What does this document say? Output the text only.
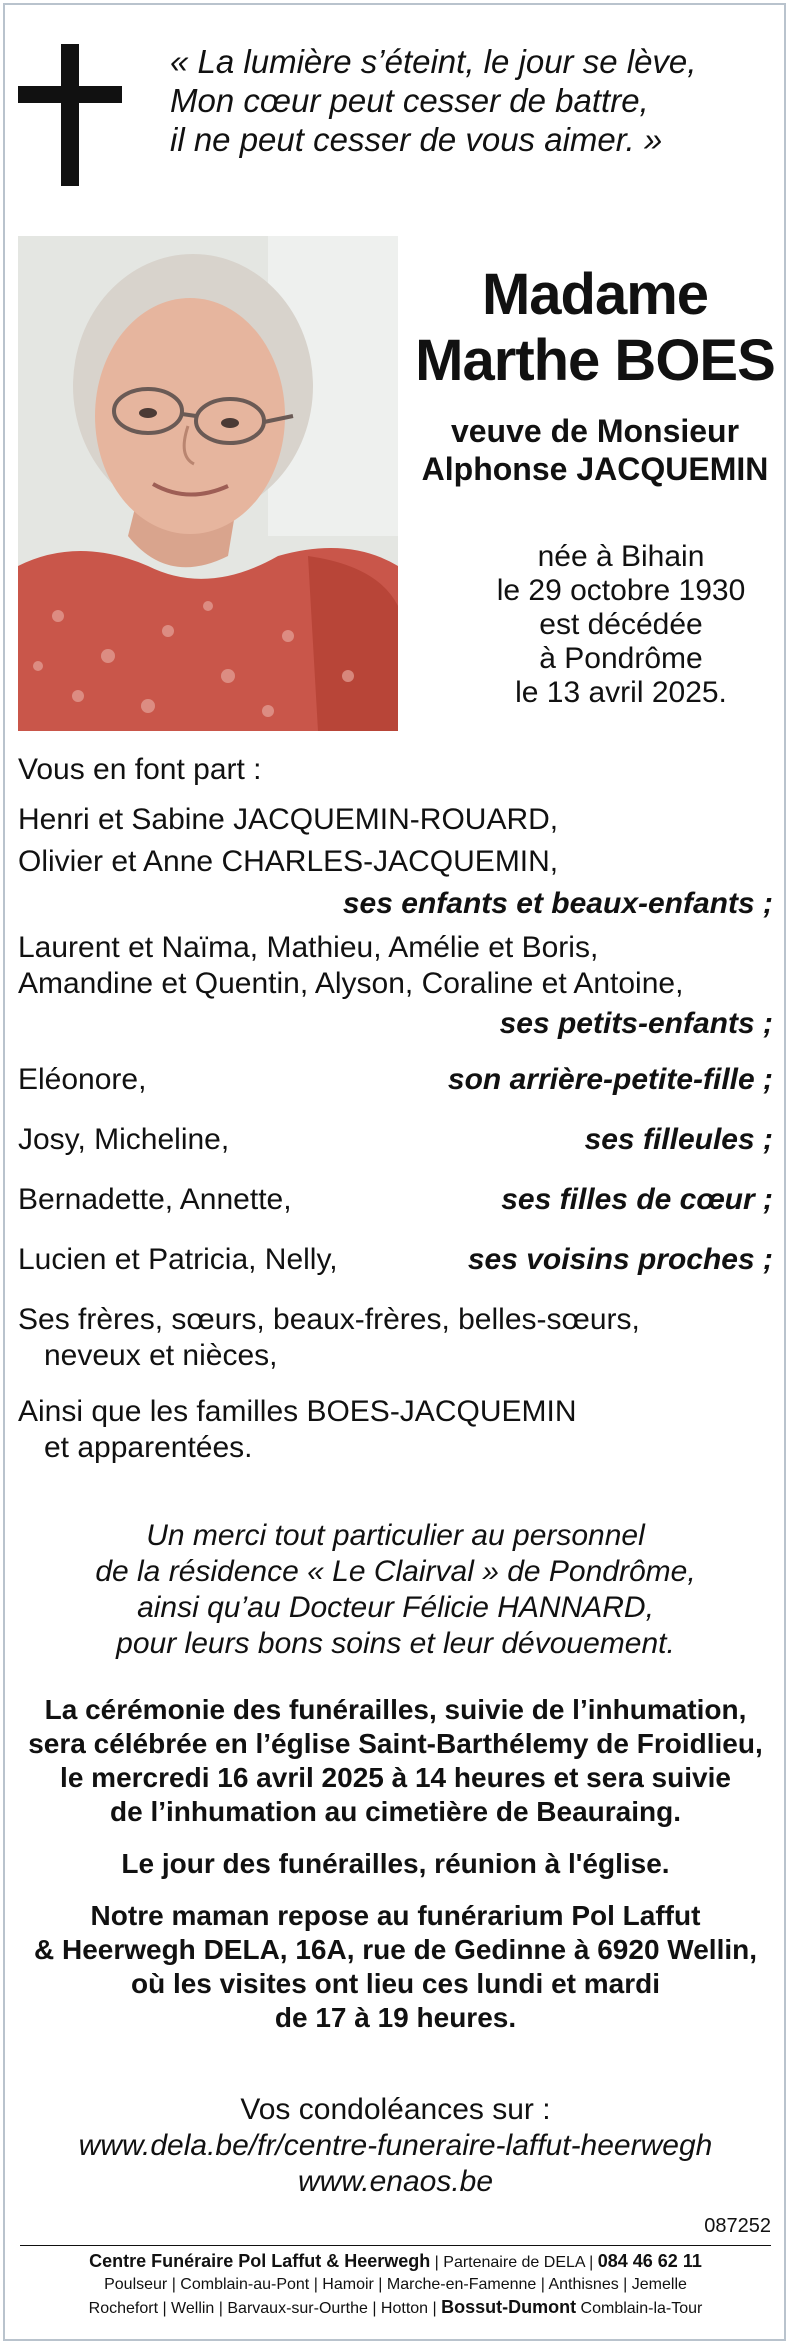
« La lumière s’éteint, le jour se lève,
Mon cœur peut cesser de battre,
il ne peut cesser de vous aimer. »
Madame
Marthe BOES
veuve de Monsieur
Alphonse JACQUEMIN
née à Bihain
le 29 octobre 1930
est décédée
à Pondrôme
le 13 avril 2025.
Vous en font part :
Henri et Sabine JACQUEMIN-ROUARD,
Olivier et Anne CHARLES-JACQUEMIN,
ses enfants et beaux-enfants ;
Laurent et Naïma, Mathieu, Amélie et Boris,
Amandine et Quentin, Alyson, Coraline et Antoine,
ses petits-enfants ;
Eléonore,	son arrière-petite-fille ;
Josy, Micheline,	ses filleules ;
Bernadette, Annette,	ses filles de cœur ;
Lucien et Patricia, Nelly,	ses voisins proches ;
Ses frères, sœurs, beaux-frères, belles-sœurs,
neveux et nièces,
Ainsi que les familles BOES-JACQUEMIN
et apparentées.
Un merci tout particulier au personnel
de la résidence « Le Clairval » de Pondrôme,
ainsi qu’au Docteur Félicie HANNARD,
pour leurs bons soins et leur dévouement.
La cérémonie des funérailles, suivie de l’inhumation,
sera célébrée en l’église Saint-Barthélemy de Froidlieu,
le mercredi 16 avril 2025 à 14 heures et sera suivie
de l’inhumation au cimetière de Beauraing.
Le jour des funérailles, réunion à l'église.
Notre maman repose au funérarium Pol Laffut
& Heerwegh DELA, 16A, rue de Gedinne à 6920 Wellin,
où les visites ont lieu ces lundi et mardi
de 17 à 19 heures.
Vos condoléances sur :
www.dela.be/fr/centre-funeraire-laffut-heerwegh
www.enaos.be
087252
Centre Funéraire Pol Laffut & Heerwegh | Partenaire de DELA | 084 46 62 11
Poulseur | Comblain-au-Pont | Hamoir | Marche-en-Famenne | Anthisnes | Jemelle
Rochefort | Wellin | Barvaux-sur-Ourthe | Hotton | Bossut-Dumont Comblain-la-Tour
